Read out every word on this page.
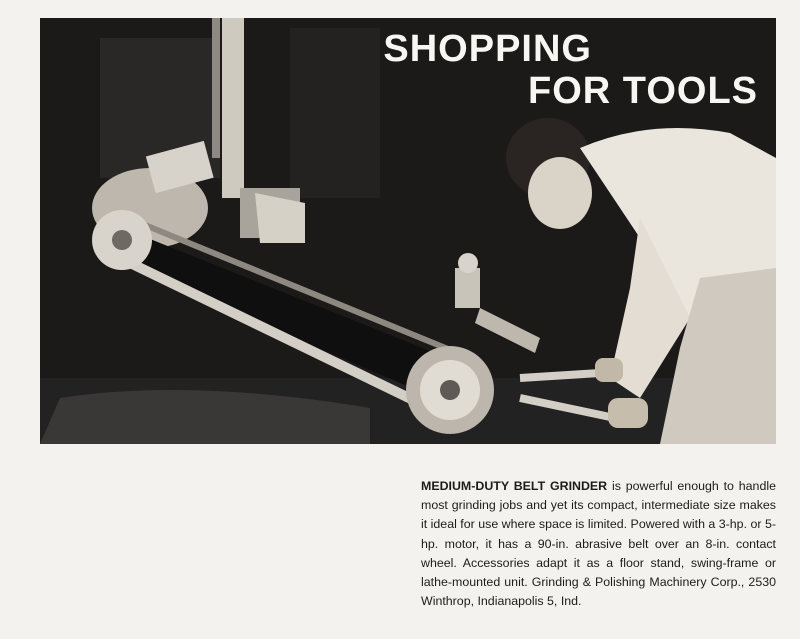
SHOPPING
FOR TOOLS
MEDIUM-DUTY BELT GRINDER is powerful enough to handle most grinding jobs and yet its compact, intermediate size makes it ideal for use where space is limited. Powered with a 3-hp. or 5-hp. motor, it has a 90-in. abrasive belt over an 8-in. contact wheel. Accessories adapt it as a floor stand, swing-frame or lathe-mounted unit. Grinding & Polishing Machinery Corp., 2530 Winthrop, Indianapolis 5, Ind.
